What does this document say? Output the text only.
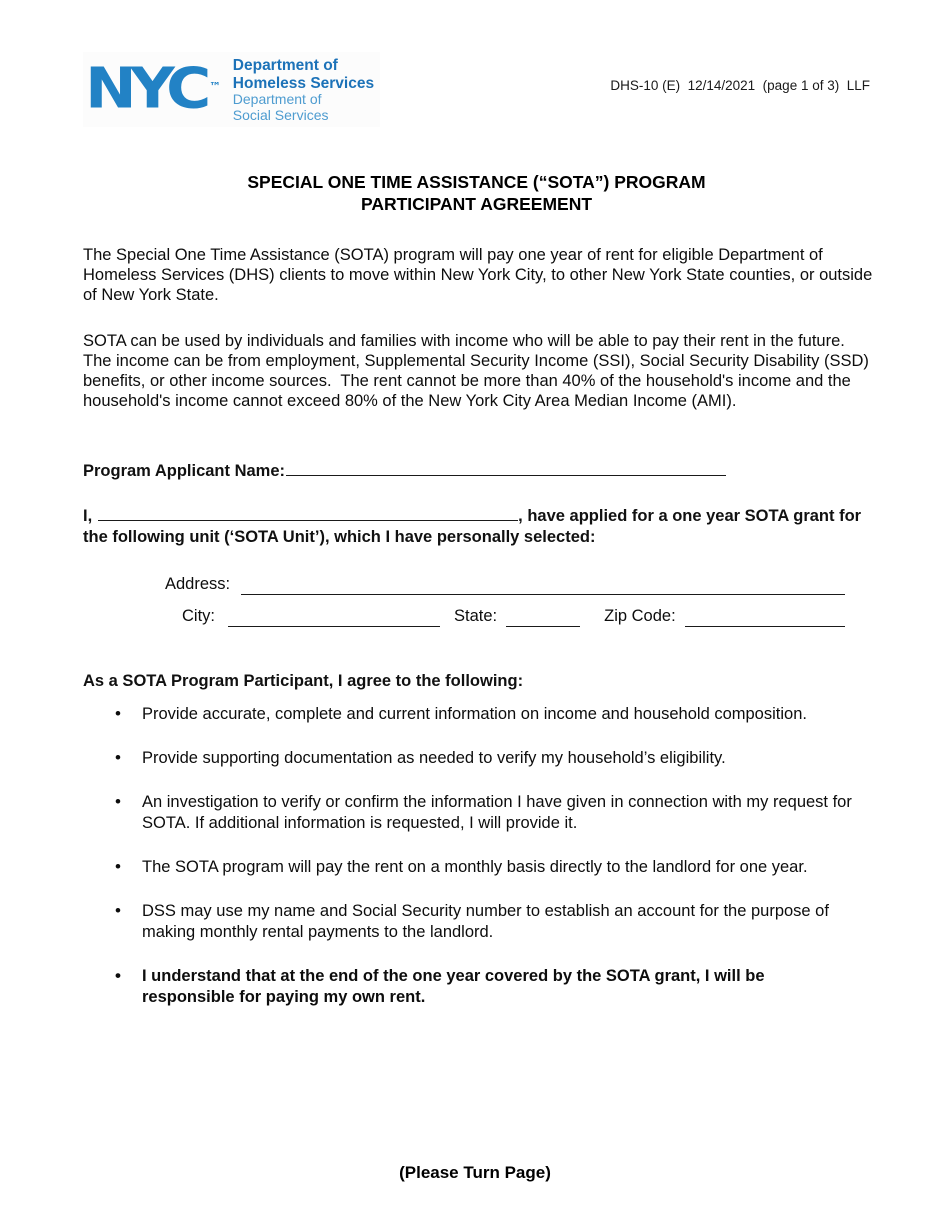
NYC ™
Department of
Homeless Services
Department of
Social Services
DHS-10 (E)  12/14/2021  (page 1 of 3)  LLF
SPECIAL ONE TIME ASSISTANCE (“SOTA”) PROGRAM
PARTICIPANT AGREEMENT
The Special One Time Assistance (SOTA) program will pay one year of rent for eligible Department of Homeless Services (DHS) clients to move within New York City, to other New York State counties, or outside of New York State.
SOTA can be used by individuals and families with income who will be able to pay their rent in the future. The income can be from employment, Supplemental Security Income (SSI), Social Security Disability (SSD) benefits, or other income sources.  The rent cannot be more than 40% of the household's income and the household's income cannot exceed 80% of the New York City Area Median Income (AMI).
Program Applicant Name:
I,	, have applied for a one year SOTA grant for the following unit (‘SOTA Unit’), which I have personally selected:
Address:
City:	State:	Zip Code:
As a SOTA Program Participant, I agree to the following:
• Provide accurate, complete and current information on income and household composition.
• Provide supporting documentation as needed to verify my household’s eligibility.
• An investigation to verify or confirm the information I have given in connection with my request for SOTA. If additional information is requested, I will provide it.
• The SOTA program will pay the rent on a monthly basis directly to the landlord for one year.
• DSS may use my name and Social Security number to establish an account for the purpose of making monthly rental payments to the landlord.
• I understand that at the end of the one year covered by the SOTA grant, I will be responsible for paying my own rent.
(Please Turn Page)
